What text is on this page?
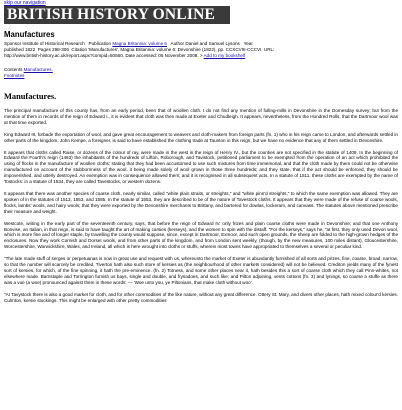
skip our navigation
BRITISH HISTORY ONLINE
Manufactures
Sponsor Institute of Historical Research Publication Magna Britannia: volume 6 Author Daniel and Samuel Lysons Year
published 1822  Pages 298-306  Citation 'Manufactures', Magna Britannia: volume 6: Devonshire (1822), pp. CCXCVIII-CCCVI. URL:
http://www.british-history.ac.uk/report.aspx?compid=50560. Date accessed: 05 November 2008. > Add to my bookshelf
Contents Manufactures.
Footnotes
Manufactures.

The principal manufacture of this county has, from an early period, been that of woollen cloth. I do not find any mention of fulling-mills in Devonshire in the Domesday survey; but from the mention of them in records of the reign of Edward I., it is evident that cloth was then made at Exeter and Chudleigh. It appears, nevertheless, from the Hundred Rolls, that the Dartmoor wool was at that time exported.

King Edward III. forbade the exportation of wool, and gave great encouragement to weavers and cloth-makers from foreign parts (fn. 1) who in his reign came to London, and afterwards settled in other parts of the kingdom. John Kempe, a foreigner, is said to have established the clothing trade at Taunton in this reign, but we have no evidence that any of them settled in Devonshire.

It appears that cloths called Raise, or dozens of the colour of ray, were made in the west in the reign of Henry IV., but the counties are not specified in the statute of 1409. In the beginning of Edward the Fourth's reign (1463) the inhabitants of the hundreds of Lifton, Roborough, and Tavistock, petitioned parliament to be exempted from the operation of an act which prohibited the using of flocks in the manufacture of woollen cloths; stating that they had been accustomed to use such mixtures from time immemorial, and that the cloth made by them could not be otherwise manufactured on account of the stubbornness of the wool, it being made solely of wool grown in those three hundreds; and they state, that if the act should be enforced, they should be impoverished, and utterly destroyed. An exemption was in consequence allowed them; and it is recognised in all subsequent acts. In a statute of 1511, these cloths are exempted by the name of Tostocks: in a statute of 1534, they are called Tavestocks, or western dozens.

It appears that there was another species of coarse cloth, nearly similar, called "white plain straits, or streights," and "white pinn'd streights," to which the same exemption was allowed. They are spoken of in the statutes of 1513, 1553, and 1585. In the statute of 1553, they are described to be of the nature of Tavestock cloths. It appears that they were made of the refuse of coarse wools, flocks, lambs' wools, and hairy wools; that they were exported by the Devonshire merchants to Brittany, and bartered for dowlas, lockeram, and canvass. The statutes above mentioned prescribe their measure and weight.

Westcote, writing in the early part of the seventeenth century, says, that before the reign of Edward IV. only frizes and plain coarse cloths were made in Devonshire; and that one Anthony Bonvise, an Italian, in that reign, is said to have taught the art of making carsies (kerseys), and the women to spin with the distaff. "For the kerseys," says he, "at first, they only used Devon wool, which is more fine and of longer staple, by travelling the county would suppose, since, except in Dartmoor, Exmoor, and such open grounds, the sheep are folded to the high-grown hedges of the enclosures. Now they work Cornish and Dorset wools, and from other parts of the kingdom, and from London sent weekly, (though, by the new measures, 100 miles distant), Gloucestershire, Worcestershire, Warwickshire, Wales, and Ireland, all which is here wrought into cloths or stuffs, wherein most towns have appropriated to themselves a several or peculiar kind.

"The late made stuff of serges or perpetuanas is now in great use and request with us, whereunto the market of Exeter is abundantly furnished of all sorts and prizes, fine, coarse, broad, narrow, so that the number will scarcely be credited. Tiverton hath also such store of kersies as (the neighbourhood of other markets considered) will not be believed. Crediton yields many of the fynest sort of kersies, for which, of the fine spinning, it hath the pre-eminence. (fn. 2) Totness, and some other places near it, hath besides this a sort of coarse cloth which they call Pinn-whites, not elsewhere made. Barnstaple and Torrington furnish us bays, single and double, and frysadoes, and such like; and Pilton adjoining, vents cottons (fn. 3) and lynings, so coarse a stuffe as there was a vue (a woe) pronounced against them in these words: — 'Woe unto you, ye Piltonians, that make cloth without woo'.

"At Tavystock there is also a good market for cloth, and for other commodities of the like nature, without any great difference. Ottery St. Mary, and divers other places, hath mixed colour'd kersies. Culmton, kersie stockings. This might be enlarged with other pretty commodities
